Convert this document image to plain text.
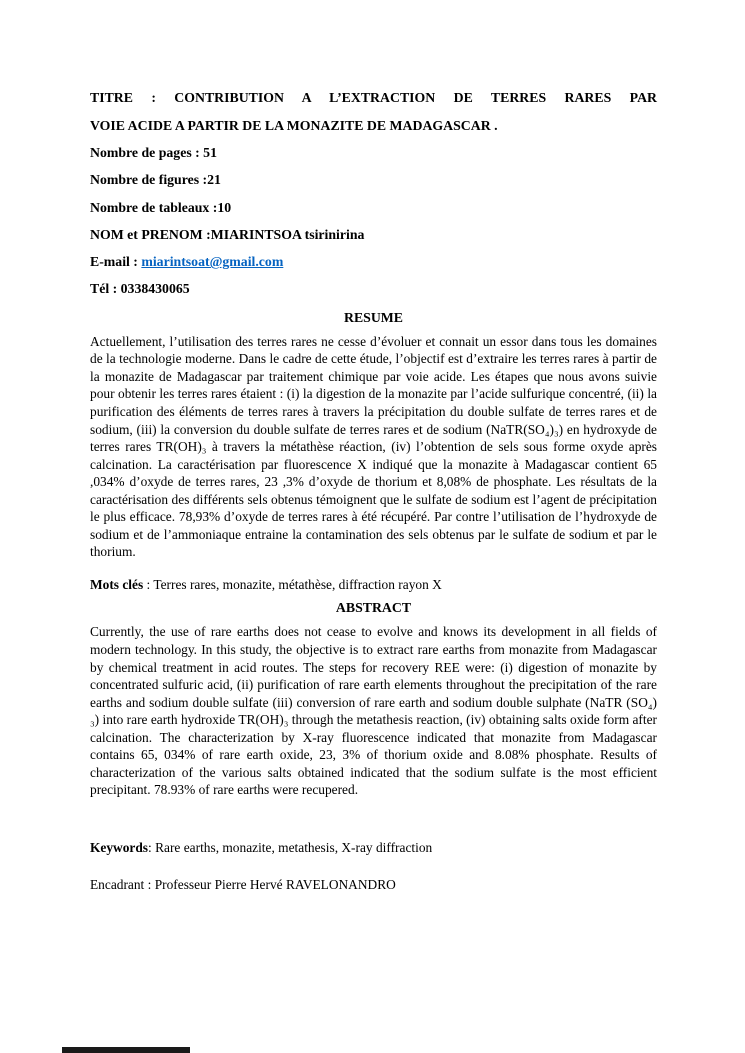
TITRE : CONTRIBUTION A L’EXTRACTION DE TERRES RARES PAR

VOIE ACIDE A PARTIR DE LA MONAZITE DE MADAGASCAR .

Nombre de pages : 51

Nombre de figures :21

Nombre de tableaux :10

NOM et PRENOM :MIARINTSOA tsirinirina

E-mail : miarintsoat@gmail.com

Tél : 0338430065

RESUME

Actuellement, l’utilisation des terres rares ne cesse d’évoluer et connait un essor dans tous les domaines de la technologie moderne. Dans le cadre de cette étude, l’objectif est d’extraire les terres rares à partir de la monazite de Madagascar par traitement chimique par voie acide. Les étapes que nous avons suivie pour obtenir les terres rares étaient : (i) la digestion de la monazite par l’acide sulfurique concentré, (ii) la purification des éléments de terres rares à travers la précipitation du double sulfate de terres rares et de sodium, (iii) la conversion du double sulfate de terres rares et de sodium (NaTR(SO₄)₃) en hydroxyde de terres rares TR(OH)₃ à travers la métathèse réaction, (iv) l’obtention de sels sous forme oxyde après calcination. La caractérisation par fluorescence X indiqué que la monazite à Madagascar contient 65 ,034% d’oxyde de terres rares, 23 ,3% d’oxyde de thorium et 8,08% de phosphate. Les résultats de la caractérisation des différents sels obtenus témoignent que le sulfate de sodium est l’agent de précipitation le plus efficace. 78,93% d’oxyde de terres rares à été récupéré. Par contre l’utilisation de l’hydroxyde de sodium et de l’ammoniaque entraine la contamination des sels obtenus par le sulfate de sodium et par le thorium.

Mots clés : Terres rares, monazite, métathèse, diffraction rayon X

ABSTRACT

Currently, the use of rare earths does not cease to evolve and knows its development in all fields of modern technology. In this study, the objective is to extract rare earths from monazite from Madagascar by chemical treatment in acid routes. The steps for recovery REE were: (i) digestion of monazite by concentrated sulfuric acid, (ii) purification of rare earth elements throughout the precipitation of the rare earths and sodium double sulfate (iii) conversion of rare earth and sodium double sulphate (NaTR (SO₄) ₃) into rare earth hydroxide TR(OH)₃ through the metathesis reaction, (iv) obtaining salts oxide form after calcination. The characterization by X-ray fluorescence indicated that monazite from Madagascar contains 65, 034% of rare earth oxide, 23, 3% of thorium oxide and 8.08% phosphate. Results of characterization of the various salts obtained indicated that the sodium sulfate is the most efficient precipitant. 78.93% of rare earths were recupered.

Keywords: Rare earths, monazite, metathesis, X-ray diffraction

Encadrant : Professeur Pierre Hervé RAVELONANDRO
